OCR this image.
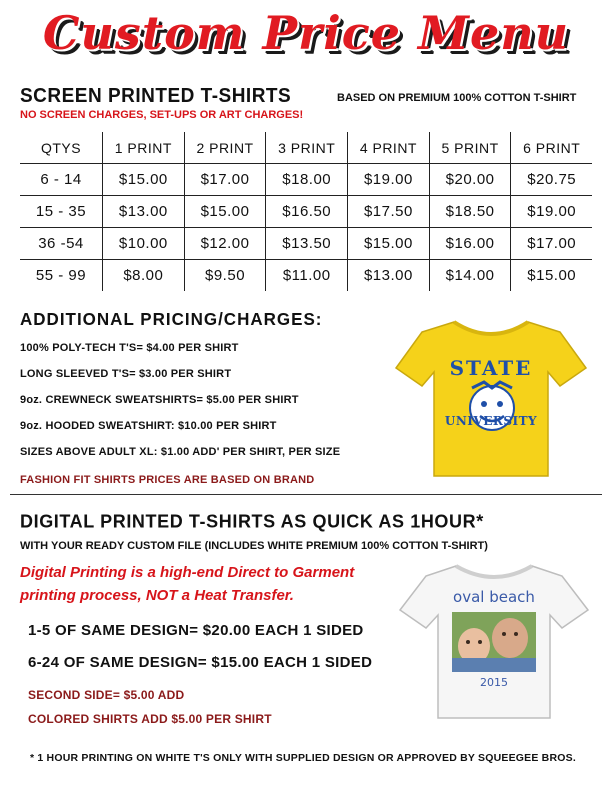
Custom Price Menu
SCREEN PRINTED T-SHIRTS	BASED ON PREMIUM 100% COTTON T-SHIRT
NO SCREEN CHARGES, SET-UPS OR ART CHARGES!
QTYS	1 PRINT	2 PRINT	3 PRINT	4 PRINT	5 PRINT	6 PRINT
6 - 14	$15.00	$17.00	$18.00	$19.00	$20.00	$20.75
15 - 35	$13.00	$15.00	$16.50	$17.50	$18.50	$19.00
36 -54	$10.00	$12.00	$13.50	$15.00	$16.00	$17.00
55 - 99	$8.00	$9.50	$11.00	$13.00	$14.00	$15.00
ADDITIONAL PRICING/CHARGES:
100% POLY-TECH T'S= $4.00 PER SHIRT
LONG SLEEVED T'S= $3.00 PER SHIRT
9oz. CREWNECK SWEATSHIRTS= $5.00 PER SHIRT
9oz. HOODED SWEATSHIRT: $10.00 PER SHIRT
SIZES ABOVE ADULT XL: $1.00 ADD' PER SHIRT, PER SIZE
FASHION FIT SHIRTS PRICES ARE BASED ON BRAND
STATE
UNIVERSITY
DIGITAL PRINTED T-SHIRTS AS QUICK AS 1HOUR*
WITH YOUR READY CUSTOM FILE (INCLUDES WHITE PREMIUM 100% COTTON T-SHIRT)
Digital Printing is a high-end Direct to Garment
printing process, NOT a Heat Transfer.
1-5 OF SAME DESIGN= $20.00 EACH 1 SIDED
6-24 OF SAME DESIGN= $15.00 EACH 1 SIDED
SECOND SIDE= $5.00 ADD
COLORED SHIRTS ADD $5.00 PER SHIRT
oval beach
2015
* 1 HOUR PRINTING ON WHITE T'S ONLY WITH SUPPLIED DESIGN OR APPROVED BY SQUEEGEE BROS.
